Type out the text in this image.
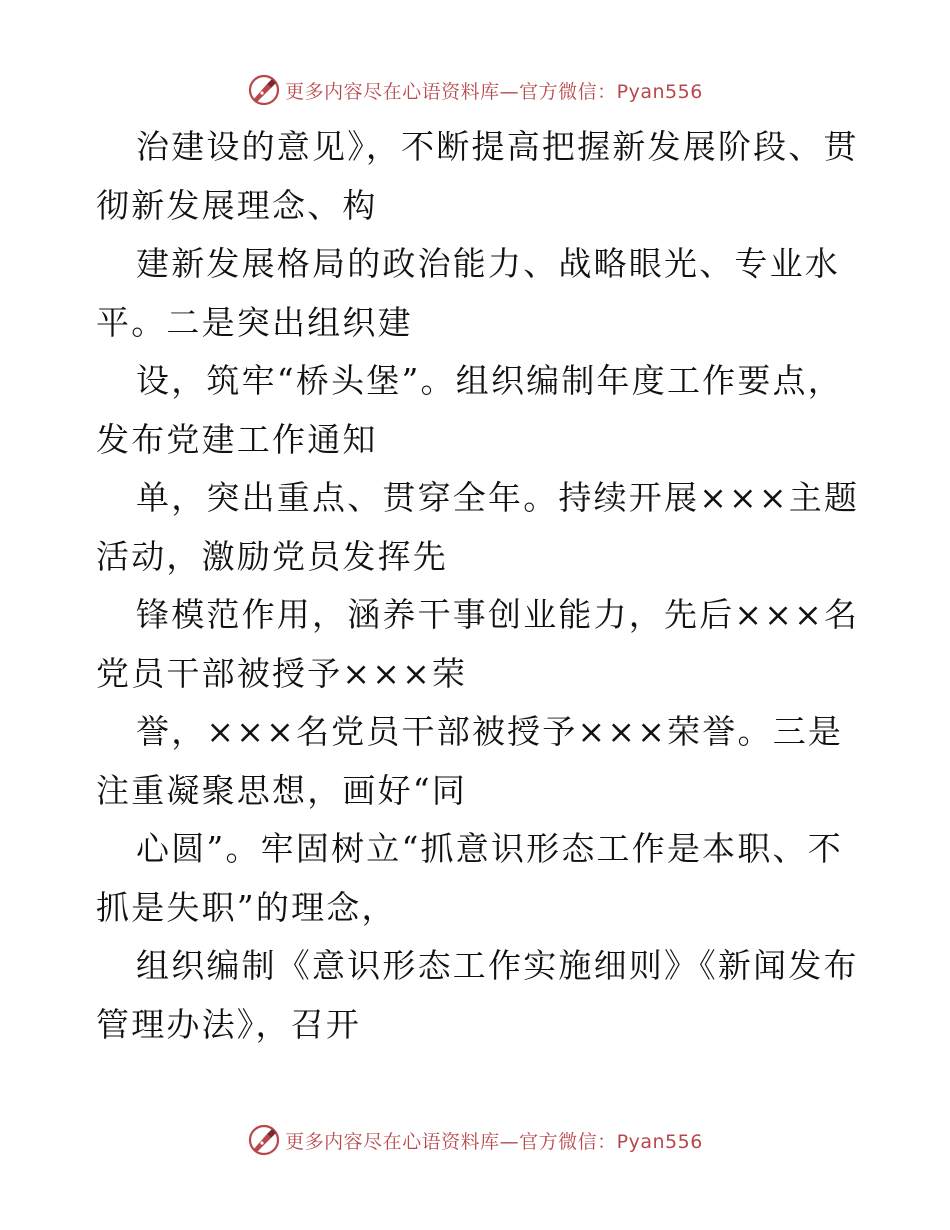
更多内容尽在心语资料库—官方微信：Pyan556
治建设的意见》，不断提高把握新发展阶段、贯
彻新发展理念、构
建新发展格局的政治能力、战略眼光、专业水
平。二是突出组织建
设，筑牢“桥头堡”。组织编制年度工作要点，
发布党建工作通知
单，突出重点、贯穿全年。持续开展×××主题
活动，激励党员发挥先
锋模范作用，涵养干事创业能力，先后×××名
党员干部被授予×××荣
誉，×××名党员干部被授予×××荣誉。三是
注重凝聚思想，画好“同
心圆”。牢固树立“抓意识形态工作是本职、不
抓是失职”的理念，
组织编制《意识形态工作实施细则》《新闻发布
管理办法》，召开
更多内容尽在心语资料库—官方微信：Pyan556
